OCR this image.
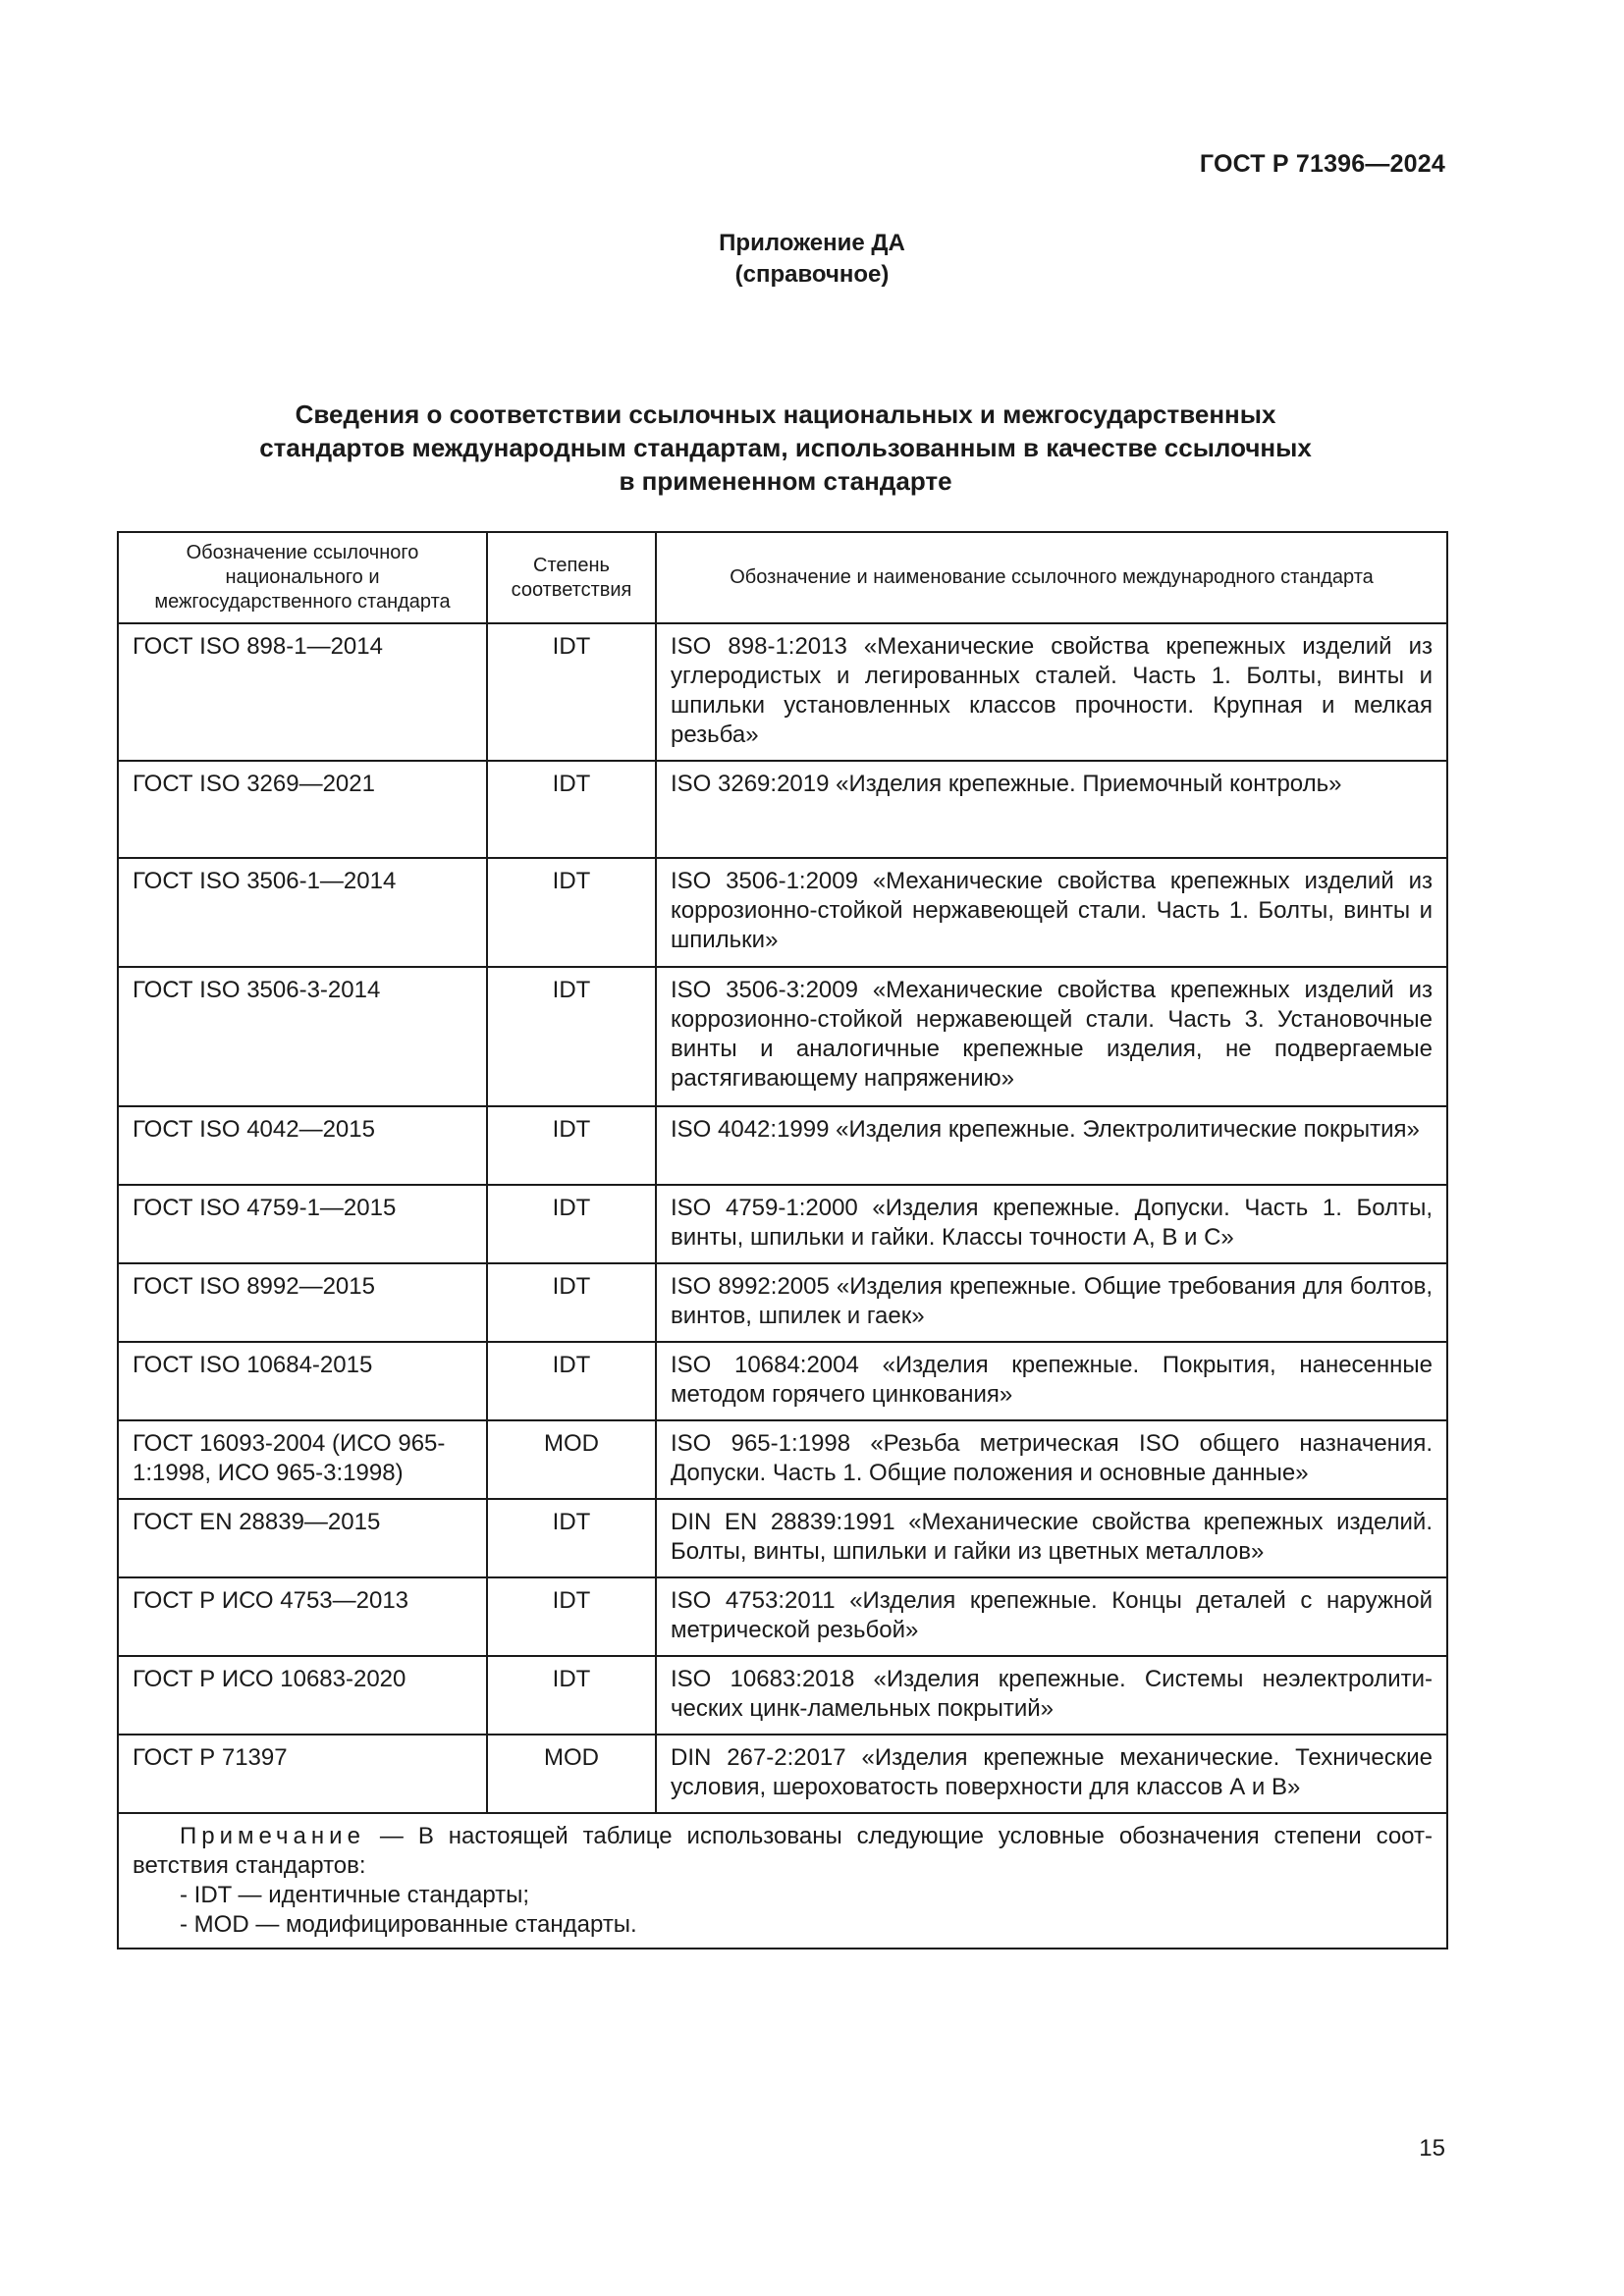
ГОСТ Р 71396—2024
Приложение ДА
(справочное)
Сведения о соответствии ссылочных национальных и межгосударственных
стандартов международным стандартам, использованным в качестве ссылочных
в примененном стандарте
Обозначение ссылочного национального и межгосударственного стандарта	Степень соответствия	Обозначение и наименование ссылочного международного стандарта
ГОСТ ISO 898-1—2014	IDT	ISO 898-1:2013 «Механические свойства крепежных изделий из углеродистых и легированных сталей. Часть 1. Болты, винты и шпильки установленных классов прочности. Крупная и мелкая резьба»
ГОСТ ISO 3269—2021	IDT	ISO 3269:2019 «Изделия крепежные. Приемочный контроль»
ГОСТ ISO 3506-1—2014	IDT	ISO 3506-1:2009 «Механические свойства крепежных изделий из коррозионно-стойкой нержавеющей стали. Часть 1. Болты, винты и шпильки»
ГОСТ ISO 3506-3-2014	IDT	ISO 3506-3:2009 «Механические свойства крепежных изделий из коррозионно-стойкой нержавеющей стали. Часть 3. Установочные винты и аналогичные крепежные изделия, не подвергаемые растягивающему напряжению»
ГОСТ ISO 4042—2015	IDT	ISO 4042:1999 «Изделия крепежные. Электролитические покрытия»
ГОСТ ISO 4759-1—2015	IDT	ISO 4759-1:2000 «Изделия крепежные. Допуски. Часть 1. Болты, винты, шпильки и гайки. Классы точности А, В и С»
ГОСТ ISO 8992—2015	IDT	ISO 8992:2005 «Изделия крепежные. Общие требования для болтов, винтов, шпилек и гаек»
ГОСТ ISO 10684-2015	IDT	ISO 10684:2004 «Изделия крепежные. Покрытия, нанесенные методом горячего цинкования»
ГОСТ 16093-2004 (ИСО 965-1:1998, ИСО 965-3:1998)	MOD	ISO 965-1:1998 «Резьба метрическая ISO общего назначения. Допуски. Часть 1. Общие положения и основные данные»
ГОСТ EN 28839—2015	IDT	DIN EN 28839:1991 «Механические свойства крепежных изделий. Болты, винты, шпильки и гайки из цветных металлов»
ГОСТ Р ИСО 4753—2013	IDT	ISO 4753:2011 «Изделия крепежные. Концы деталей с наружной метрической резьбой»
ГОСТ Р ИСО 10683-2020	IDT	ISO 10683:2018 «Изделия крепежные. Системы неэлектролитических цинк-ламельных покрытий»
ГОСТ Р 71397	MOD	DIN 267-2:2017 «Изделия крепежные механические. Технические условия, шероховатость поверхности для классов А и В»

Примечание — В настоящей таблице использованы следующие условные обозначения степени соответствия стандартов:
- IDT — идентичные стандарты;
- MOD — модифицированные стандарты.		
15
